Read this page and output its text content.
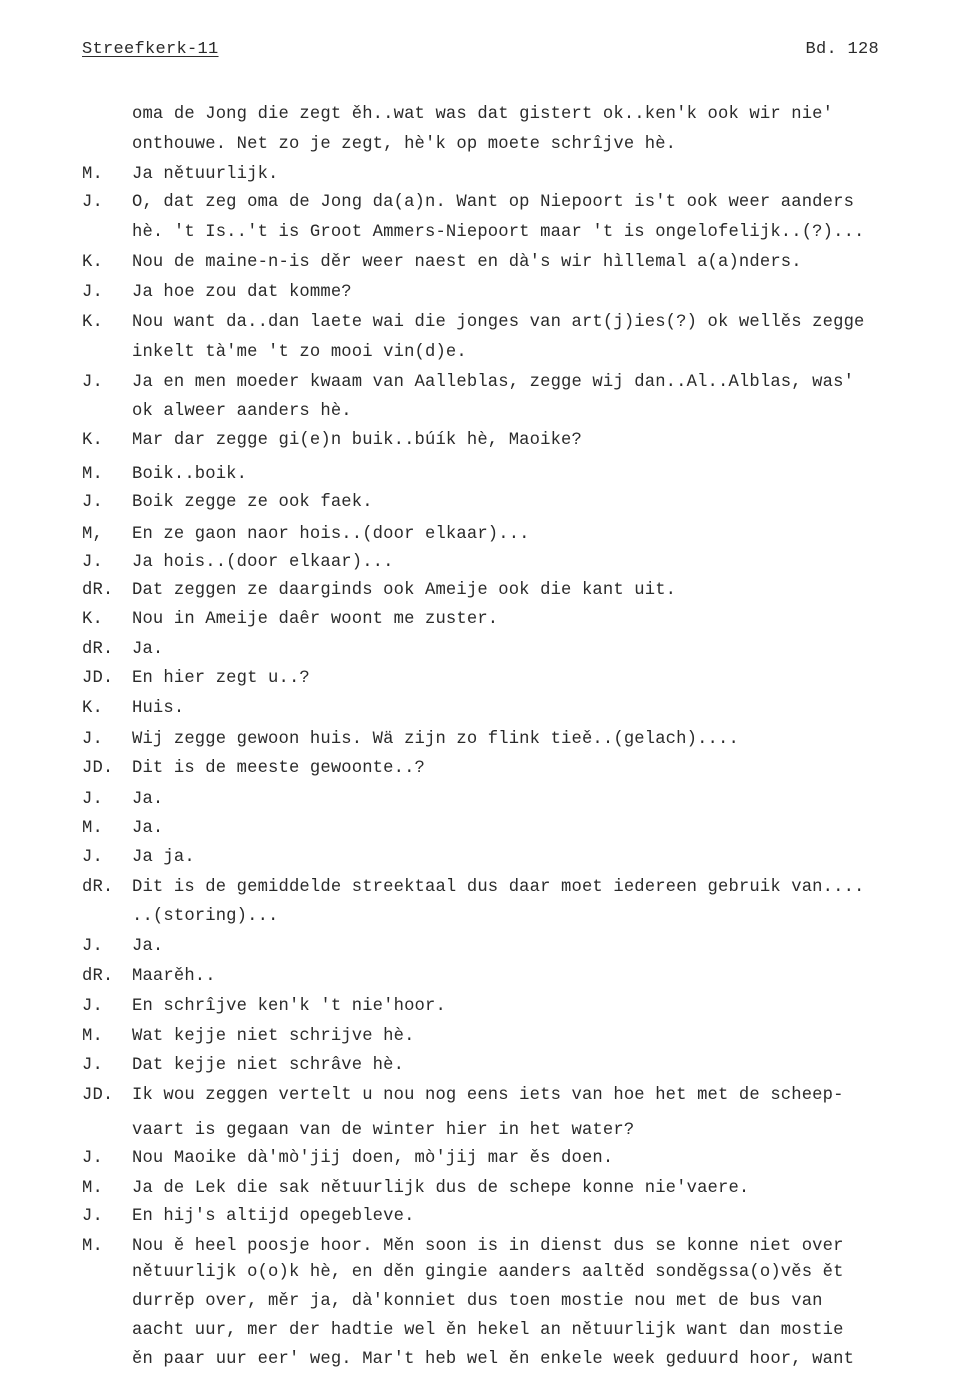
Streefkerk-11	Bd. 128
oma de Jong die zegt ěh..wat was dat gistert ok..ken'k ook wir nie'
onthouwe. Net zo je zegt, hè'k op moete schrîjve hè.
M. Ja nětuurlijk.
J. O, dat zeg oma de Jong da(a)n. Want op Niepoort is't ook weer aanders
hè. 't Is..'t is Groot Ammers-Niepoort maar 't is ongelofelijk..(?)...
K. Nou de maine-n-is děr weer naest en dà's wir hìllemal a(a)nders.
J. Ja hoe zou dat komme?
K. Nou want da..dan laete wai die jonges van art(j)ies(?) ok wellěs zegge
inkelt tà'me 't zo mooi vin(d)e.
J. Ja en men moeder kwaam van Aalleblas, zegge wij dan..Al..Alblas, was'
ok alweer aanders hè.
K. Mar dar zegge gi(e)n buik..búík hè, Maoike?
M. Boik..boik.
J. Boik zegge ze ook faek.
M, En ze gaon naor hois..(door elkaar)...
J. Ja hois..(door elkaar)...
dR. Dat zeggen ze daarginds ook Ameije ook die kant uit.
K. Nou in Ameije daêr woont me zuster.
dR. Ja.
JD. En hier zegt u..?
K. Huis.
J. Wij zegge gewoon huis. Wä zijn zo flink tieě..(gelach)....
JD. Dit is de meeste gewoonte..?
J. Ja.
M. Ja.
J. Ja ja.
dR. Dit is de gemiddelde streektaal dus daar moet iedereen gebruik van....
..(storing)...
J. Ja.
dR. Maarěh..
J. En schrîjve ken'k 't nie'hoor.
M. Wat kejje niet schrijve hè.
J. Dat kejje niet schrâve hè.
JD. Ik wou zeggen vertelt u nou nog eens iets van hoe het met de scheep-
vaart is gegaan van de winter hier in het water?
J. Nou Maoike dà'mò'jij doen, mò'jij mar ěs doen.
M. Ja de Lek die sak nětuurlijk dus de schepe konne nie'vaere.
J. En hij's altijd opegebleve.
M. Nou ě heel poosje hoor. Měn soon is in dienst dus se konne niet over
nětuurlijk o(o)k hè, en děn gingie aanders aaltěd sonděgssa(o)věs ět
durrěp over, měr ja, dà'konniet dus toen mostie nou met de bus van
aacht uur, mer der hadtie wel ěn hekel an nětuurlijk want dan mostie
ěn paar uur eer' weg. Mar't heb wel ěn enkele week geduurd hoor, want
